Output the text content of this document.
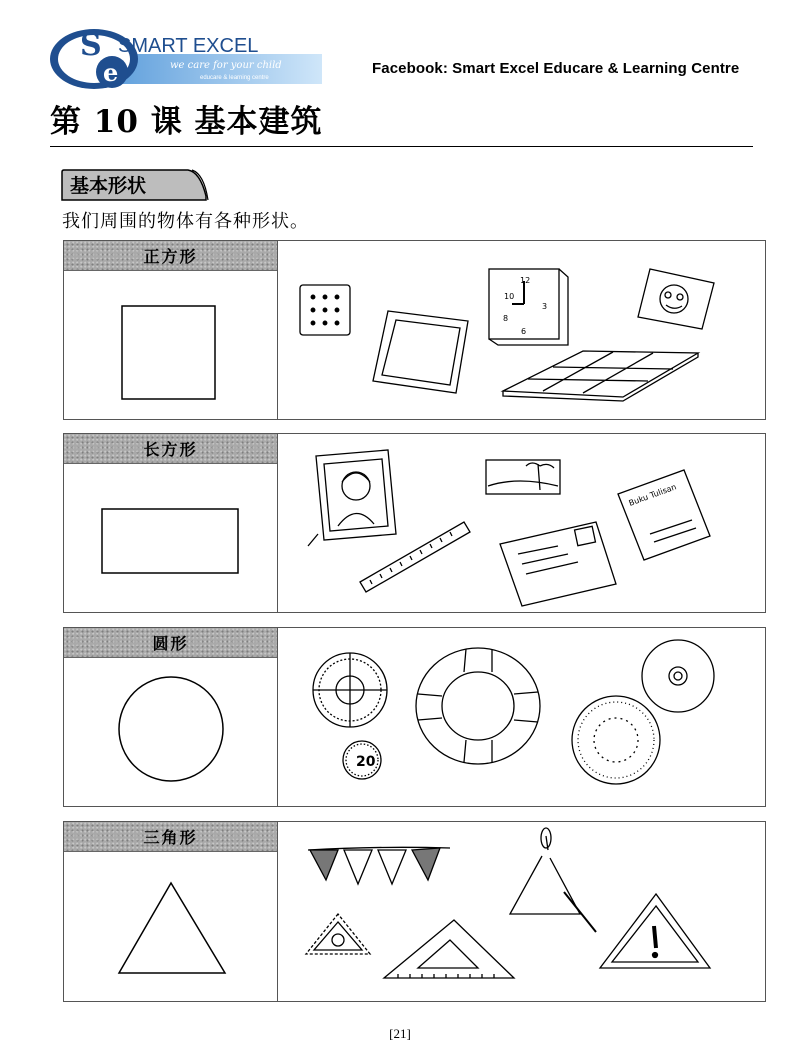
S
e
SMART EXCEL
we care for your child
educare & learning centre
Facebook: Smart Excel Educare & Learning Centre
第 10 课 基本建筑
基本形状
我们周围的物体有各种形状。
正方形
12
10
3
6
8
长方形
Buku Tulisan
圆形
20
三角形
[21]
